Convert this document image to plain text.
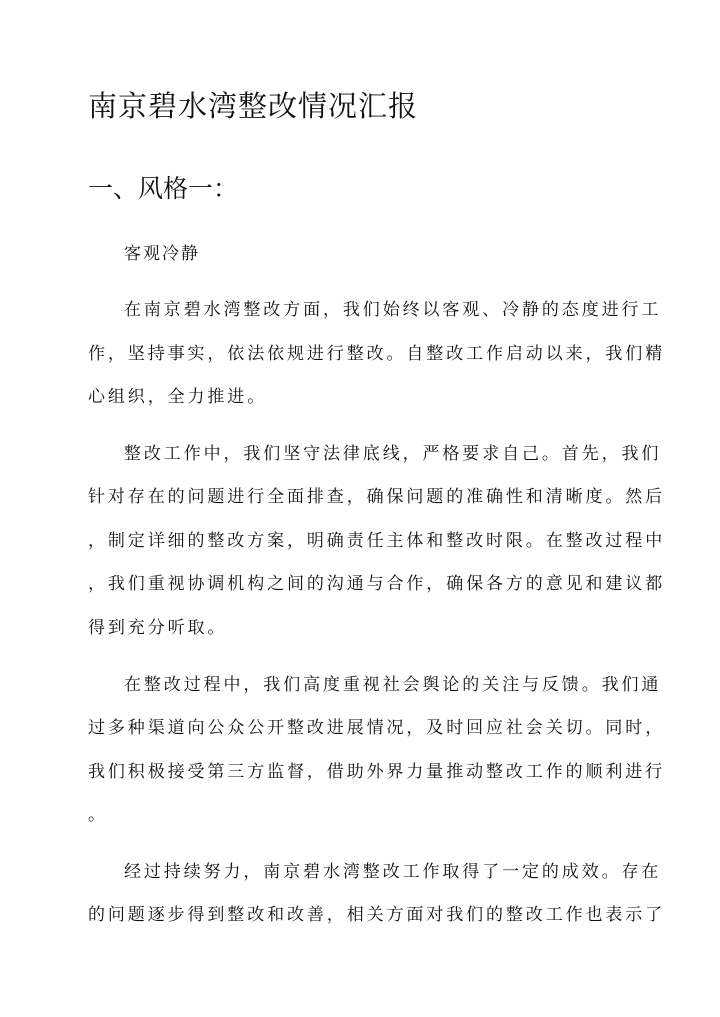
南京碧水湾整改情况汇报
一、风格一：
客观冷静
在南京碧水湾整改方面，我们始终以客观、冷静的态度进行工
作，坚持事实，依法依规进行整改。自整改工作启动以来，我们精
心组织，全力推进。
整改工作中，我们坚守法律底线，严格要求自己。首先，我们
针对存在的问题进行全面排查，确保问题的准确性和清晰度。然后
，制定详细的整改方案，明确责任主体和整改时限。在整改过程中
，我们重视协调机构之间的沟通与合作，确保各方的意见和建议都
得到充分听取。
在整改过程中，我们高度重视社会舆论的关注与反馈。我们通
过多种渠道向公众公开整改进展情况，及时回应社会关切。同时，
我们积极接受第三方监督，借助外界力量推动整改工作的顺利进行
。
经过持续努力，南京碧水湾整改工作取得了一定的成效。存在
的问题逐步得到整改和改善，相关方面对我们的整改工作也表示了
